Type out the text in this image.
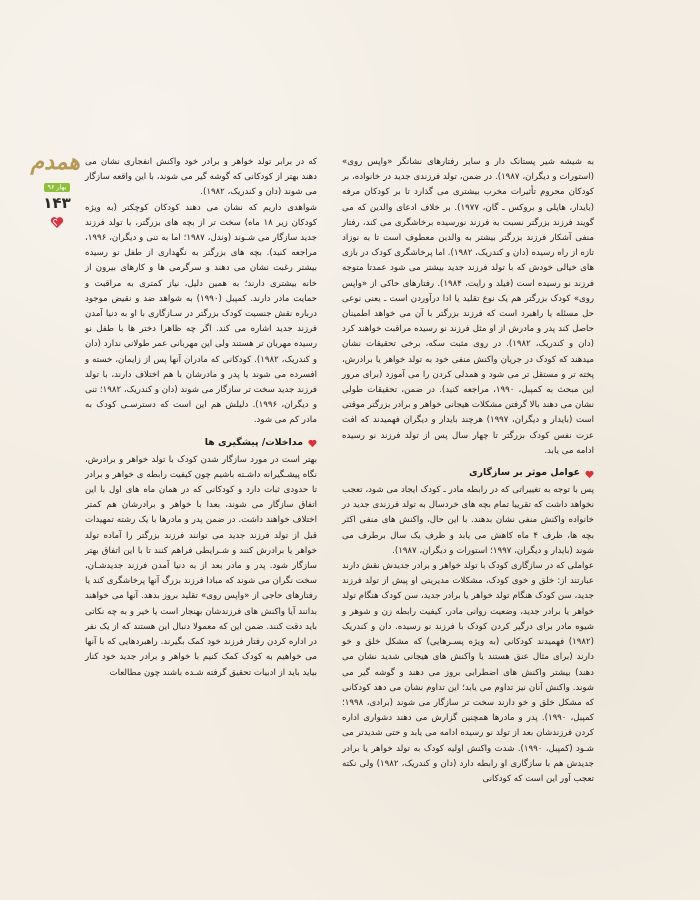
همدم
بهار ۹۶
۱۴۳

به شیشه شیر پستانک دار و سایر رفتارهای نشانگر «واپس روی» (استورات و دیگران، ۱۹۸۷). در ضمن، تولد فرزندی جدید در خانواده، بر کودکان محروم تأثیرات مخرب بیشتری می گذارد تا بر کودکان مرفه (بایدار، هایلی و بروکس ـ گان، ۱۹۷۷). بر خلاف ادعای والدین که می گویند فرزند بزرگتر نسبت به فرزند نورسیده برخاشگری می کند، رفتار منفی آشکار فرزند بزرگتر بیشتر به والدین معطوف است تا به نوزاد تازه از راه رسیده (دان و کندریک، ۱۹۸۲). اما پرخاشگری کودک در بازی های خیالی خودش که با تولد فرزند جدید بیشتر می شود عمدتا متوجه فرزند نو رسیده است (فیلد و رایت، ۱۹۸۴). رفتارهای حاکی از «واپس روی» کودک بزرگتر هم یک نوع تقلید یا ادا درآوردن است ـ یعنی نوعی حل مسئله یا راهبرد است که فرزند بزرگتر با آن می خواهد اطمینان حاصل کند پدر و مادرش از او مثل فرزند نو رسیده مراقبت خواهند کرد (دان و کندریک، ۱۹۸۲). در روی مثبت سکه، برخی تحقیقات نشان میدهند که کودک در جریان واکنش منفی خود به تولد خواهر یا برادرش، پخته تر و مستقل تر می شود و همدلی کردن را می آموزد (برای مرور این مبحث به کمپبل، ۱۹۹۰، مراجعه کنید). در ضمن، تحقیقات طولی نشان می دهند بالا گرفتن مشکلات هیجانی خواهر و برادر بزرگتر موقتی است (بایدار و دیگران، ۱۹۹۷) هرچند بایدار و دیگران فهمیدند که افت عزت نفس کودک بزرگتر تا چهار سال پس از تولد فرزند نو رسیده ادامه می یابد.

عوامل موثر بر سازگاری

پس با توجه به تغییراتی که در رابطه مادر ـ کودک ایجاد می شود، تعجب نخواهد داشت که تقریبا تمام بچه های خردسال به تولد فرزندی جدید در خانواده واکنش منفی نشان بدهند. با این حال، واکنش های منفی اکثر بچه ها، ظرف ۴ ماه کاهش می یابد و ظرف یک سال برطرف می شوند (بایدار و دیگران، ۱۹۹۷؛ استورات و دیگران، ۱۹۸۷).

عواملی که در سازگاری کودک با تولد خواهر و برادر جدیدش نقش دارند عبارتند از: خلق و خوی کودک، مشکلات مدیریتی او پیش از تولد فرزند جدید، سن کودک هنگام تولد خواهر یا برادر جدید، سن کودک هنگام تولد خواهر یا برادر جدید، وضعیت روانی مادر، کیفیت رابطه زن و شوهر و شیوه مادر برای درگیر کردن کودک با فرزند نو رسیده. دان و کندریک (۱۹۸۲) فهمیدند کودکانی (به ویژه پسـرهایی) که مشکل خلق و خو دارند (برای مثال عنق هستند یا واکنش های هیجانی شدید نشان می دهند) بیشتر واکنش های اضطرابی بروز می دهند و گوشه گیر می شوند. واکنش آنان نیز تداوم می یابد؛ این تداوم نشان می دهد کودکانی که مشکل خلق و خو دارند سخت تر سازگار می شوند (برادی، ۱۹۹۸؛ کمپبل، ۱۹۹۰). پدر و مادرها همچنین گزارش می دهند دشواری اداره کردن فرزندشان بعد از تولد نو رسیده ادامه می یابد و حتی شدیدتر می شـود (کمپبل، ۱۹۹۰). شدت واکنش اولیه کودک به تولد خواهر یا برادر جدیدش هم با سازگاری او رابطه دارد (دان و کندریک، ۱۹۸۲) ولی نکته تعجب آور این است که کودکانی

که در برابر تولد خواهر و برادر خود واکنش انفجاری نشان می دهند بهتر از کودکانی که گوشه گیر می شوند، با این واقعه سازگار می شوند (دان و کندریک، ۱۹۸۲).

شواهدی داریم که نشان می دهند کودکان کوچکتر (به ویژه کودکان زیر ۱۸ ماه) سخت تر از بچه های بزرگتر، با تولد فرزند جدید سازگار می شـوند (وندل، ۱۹۸۷؛ اما به تنی و دیگران، ۱۹۹۶، مراجعه کنید). بچه های بزرگتر به نگهداری از طفل نو رسیده بیشتر رغبت نشان می دهند و سرگرمی ها و کارهای بیرون از خانه بیشتری دارند؛ به همین دلیل، نیاز کمتری به مراقبت و حمایت مادر دارند. کمپبل (۱۹۹۰) به شواهد ضد و نقیض موجود درباره نقش جنسیت کودک بزرگتر در سـازگاری با او به دنیا آمدن فرزند جدید اشاره می کند. اگر چه ظاهرا دختر ها با طفل نو رسیده مهربان تر هستند ولی این مهربانی عمر طولانی ندارد (دان و کندریک، ۱۹۸۲). کودکانی که مادران آنها پس از زایمان، خسته و افسرده می شوند یا پدر و مادرشان با هم اختلاف دارند، با تولد فرزند جدید سخت تر سازگار می شوند (دان و کندریک، ۱۹۸۲؛ تنی و دیگران، ۱۹۹۶). دلیلش هم این است که دسترسـی کودک به مادر کم می شود.

مداخلات/ پیشگیری ها

بهتر است در مورد سازگار شدن کودک با تولد خواهر و برادرش، نگاه پیشـگیرانه داشـته باشیم چون کیفیت رابطه ی خواهر و برادر تا حدودی ثبات دارد و کودکانی که در همان ماه های اول با این اتفاق سازگار می شوند، بعدا با خواهر و برادرشان هم کمتر اختلاف خواهند داشت. در ضمن پدر و مادرها با یک رشته تمهیدات قبل از تولد فرزند جدید می توانند فرزند بزرگتر را آماده تولد خواهر یا برادرش کنند و شـرایطی فراهم کنند تا با این اتفاق بهتر سازگار شود. پدر و مادر بعد از به دنیا آمدن فرزند جدیدشـان، سخت نگران می شوند که مبادا فرزند بزرگ آنها پرخاشگری کند یا رفتارهای حاجی از «واپس روی» تقلید بروز بدهد. آنها می خواهند بدانند آیا واکنش های فرزندشان بهنجار است یا خیر و به چه نکاتی باید دقت کنند. ضمن این که معمولا دنبال این هستند که از یک نفر در اداره کردن رفتار فرزند خود کمک بگیرند. راهبردهایی که با آنها می خواهیم به کودک کمک کنیم با خواهر و برادر جدید خود کنار بیاید باید از ادبیات تحقیق گرفته شـده باشند چون مطالعات
